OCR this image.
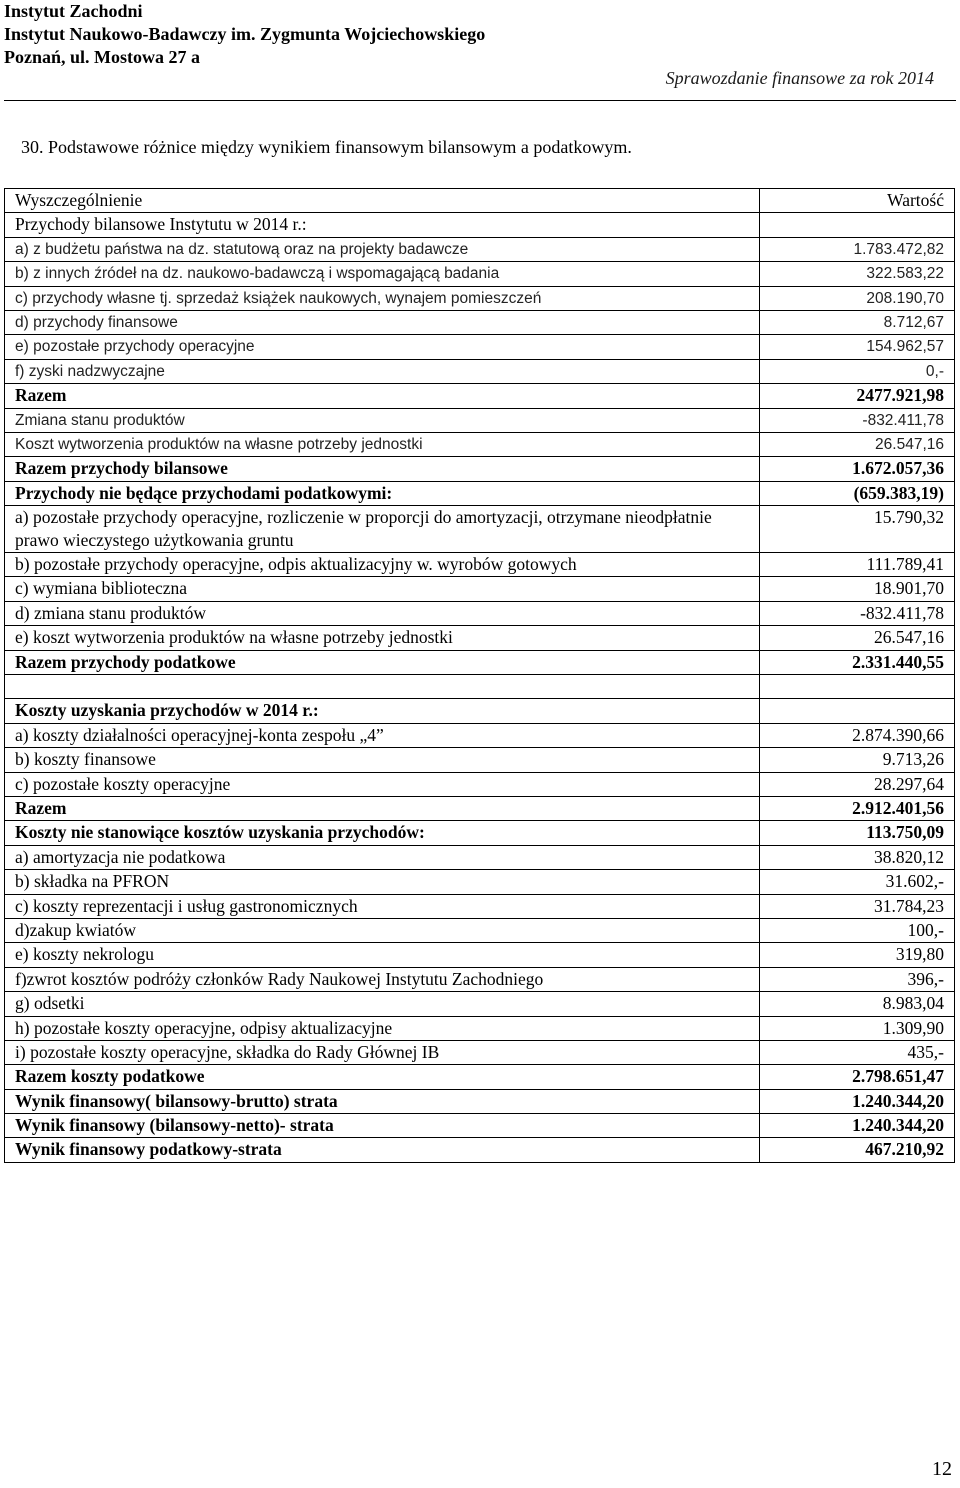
Instytut Zachodni
Instytut Naukowo-Badawczy im. Zygmunta Wojciechowskiego
Poznań, ul. Mostowa 27 a
Sprawozdanie finansowe za rok 2014
30. Podstawowe różnice między wynikiem finansowym bilansowym a podatkowym.
Wyszczególnienie	Wartość
Przychody bilansowe Instytutu w 2014 r.:	
a) z budżetu państwa na dz. statutową oraz na projekty badawcze	1.783.472,82
b) z innych źródeł na dz. naukowo-badawczą i wspomagającą badania	322.583,22
c) przychody własne tj. sprzedaż książek naukowych, wynajem pomieszczeń	208.190,70
d) przychody finansowe	8.712,67
e) pozostałe przychody operacyjne	154.962,57
f) zyski nadzwyczajne	0,-
Razem	2477.921,98
Zmiana stanu produktów	-832.411,78
Koszt wytworzenia produktów na własne potrzeby jednostki	26.547,16
Razem przychody bilansowe	1.672.057,36
Przychody nie będące przychodami podatkowymi:	(659.383,19)
a) pozostałe przychody operacyjne, rozliczenie w proporcji do amortyzacji, otrzymane nieodpłatnie prawo wieczystego użytkowania gruntu	15.790,32
b) pozostałe przychody operacyjne, odpis aktualizacyjny w. wyrobów gotowych	111.789,41
c) wymiana biblioteczna	18.901,70
d) zmiana stanu produktów	-832.411,78
e) koszt wytworzenia produktów na własne potrzeby jednostki	26.547,16
Razem przychody podatkowe	2.331.440,55

Koszty uzyskania przychodów w 2014 r.:	
a) koszty działalności operacyjnej-konta zespołu „4”	2.874.390,66
b) koszty finansowe	9.713,26
c) pozostałe koszty operacyjne	28.297,64
Razem	2.912.401,56
Koszty nie stanowiące kosztów uzyskania przychodów:	113.750,09
a) amortyzacja nie podatkowa	38.820,12
b) składka na PFRON	31.602,-
c) koszty reprezentacji i usług gastronomicznych	31.784,23
d)zakup kwiatów	100,-
e) koszty nekrologu	319,80
f)zwrot kosztów podróży członków Rady Naukowej Instytutu Zachodniego	396,-
g) odsetki	8.983,04
h) pozostałe koszty operacyjne, odpisy aktualizacyjne	1.309,90
i) pozostałe koszty operacyjne, składka do Rady Głównej IB	435,-
Razem koszty podatkowe	2.798.651,47
Wynik finansowy( bilansowy-brutto) strata	1.240.344,20
Wynik finansowy (bilansowy-netto)- strata	1.240.344,20
Wynik finansowy podatkowy-strata	467.210,92
12
